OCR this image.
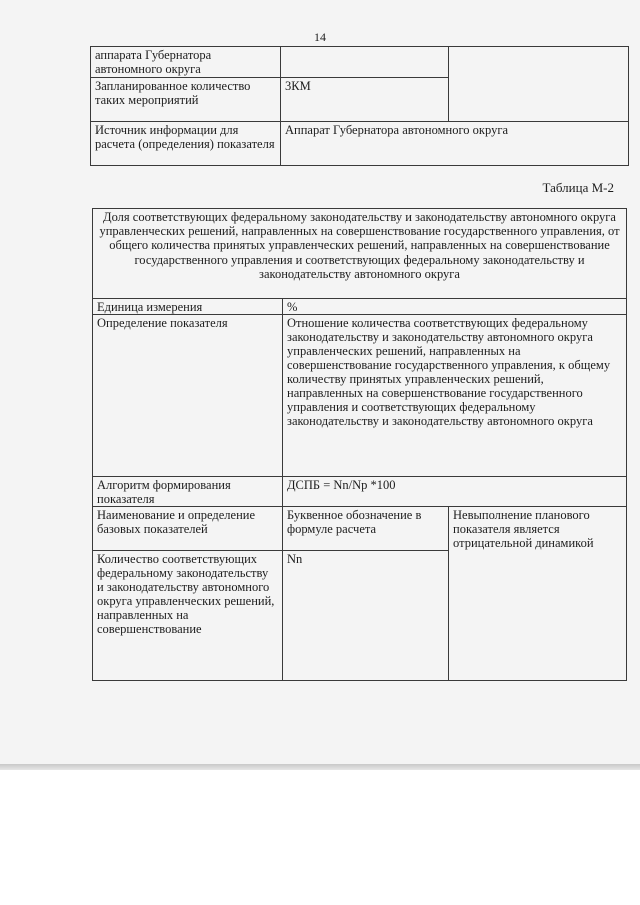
14
аппарата Губернатора автономного округа		
Запланированное количество таких мероприятий	3КМ	
Источник информации для расчета (определения) показателя	Аппарат Губернатора автономного округа	
Таблица М-2
Доля соответствующих федеральному законодательству и законодательству автономного округа управленческих решений, направленных на совершенствование государственного управления, от общего количества принятых управленческих решений, направленных на совершенствование государственного управления и соответствующих федеральному законодательству и законодательству автономного округа		
Единица измерения	%	
Определение показателя	Отношение количества соответствующих федеральному законодательству и законодательству автономного округа управленческих решений, направленных на совершенствование государственного управления, к общему количеству принятых управленческих решений, направленных на совершенствование государственного управления и соответствующих федеральному законодательству и законодательству автономного округа	
Алгоритм формирования показателя	ДСПБ = Nn/Np *100	
Наименование и определение базовых показателей	Буквенное обозначение в формуле расчета	Невыполнение планового показателя является отрицательной динамикой
Количество соответствующих федеральному законодательству и законодательству автономного округа управленческих решений, направленных на совершенствование	Nn	
